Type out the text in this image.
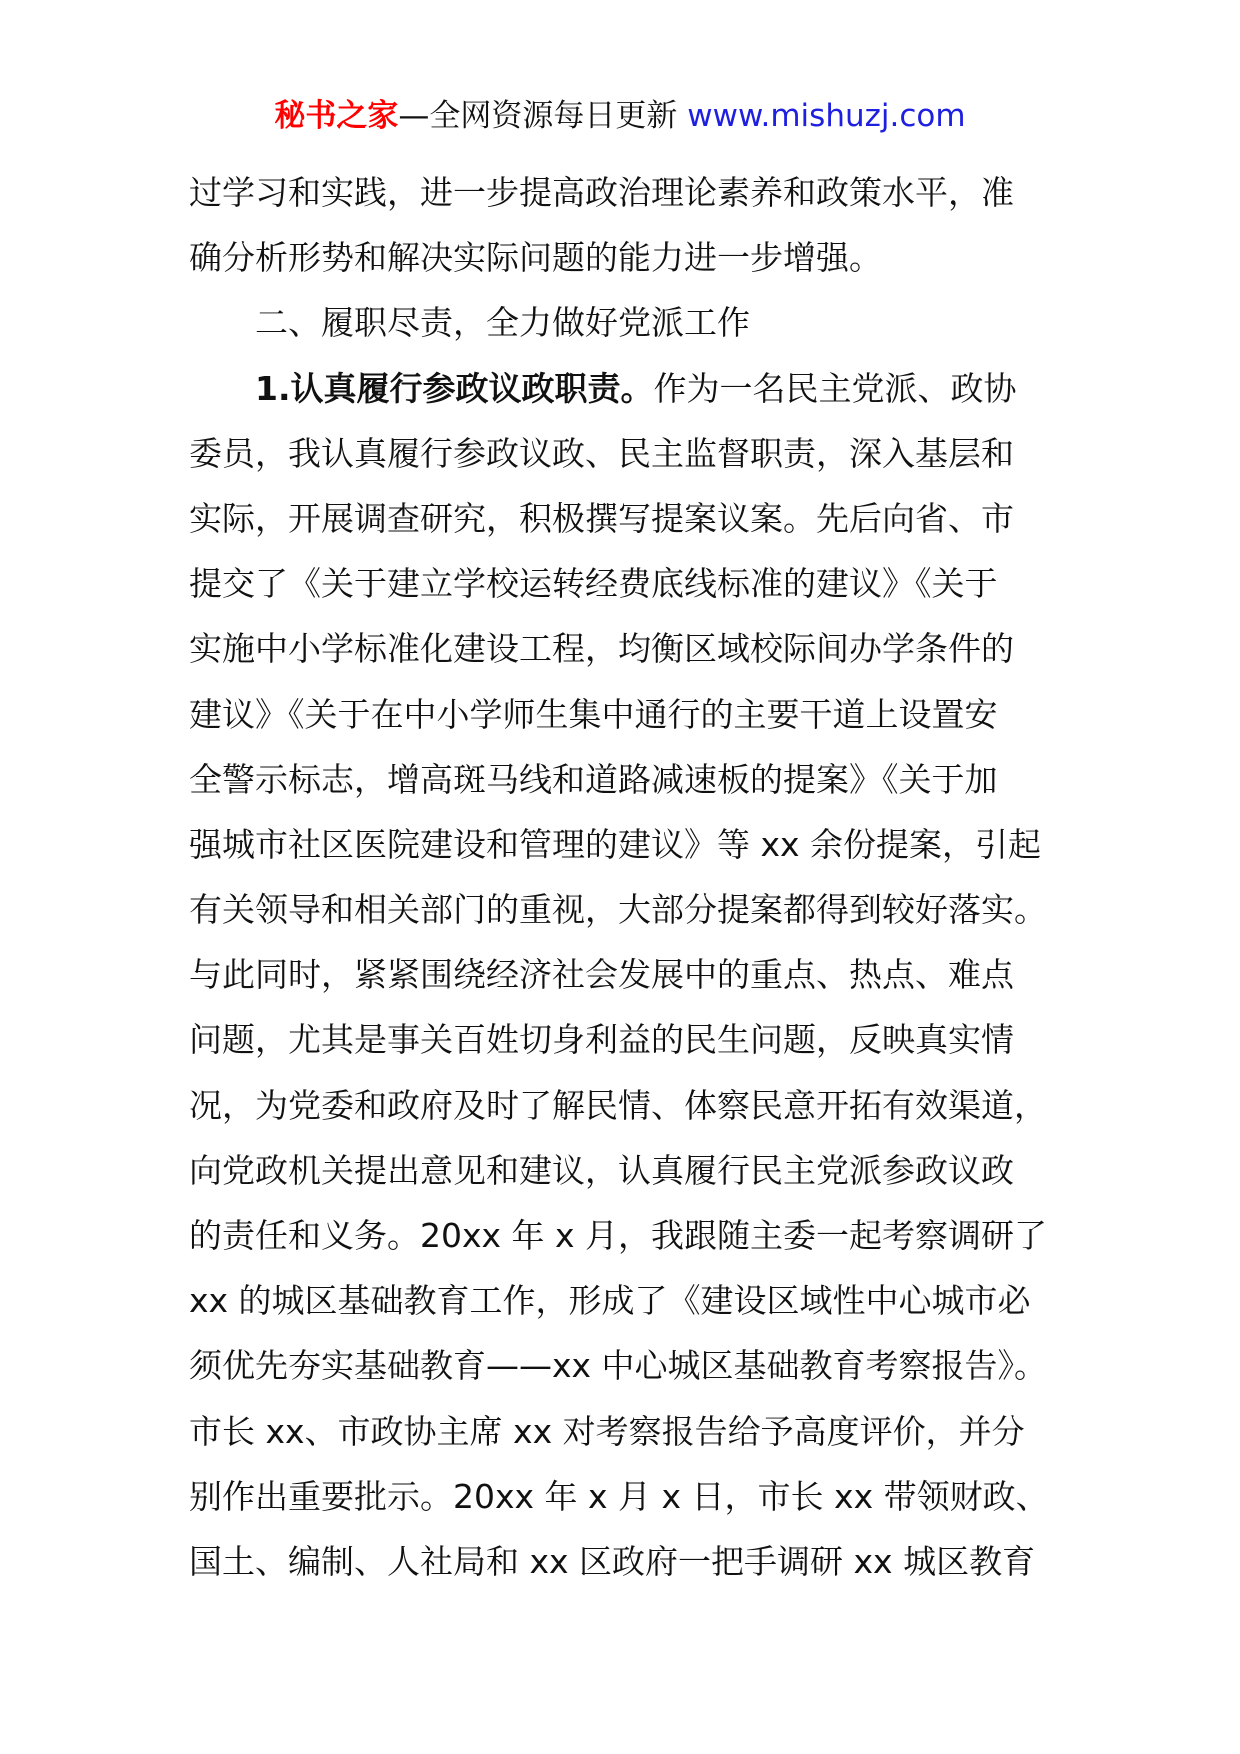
秘书之家—全网资源每日更新 www.mishuzj.com
过学习和实践，进一步提高政治理论素养和政策水平，准
确分析形势和解决实际问题的能力进一步增强。
二、履职尽责，全力做好党派工作
1.认真履行参政议政职责。作为一名民主党派、政协
委员，我认真履行参政议政、民主监督职责，深入基层和
实际，开展调查研究，积极撰写提案议案。先后向省、市
提交了《关于建立学校运转经费底线标准的建议》《关于
实施中小学标准化建设工程，均衡区域校际间办学条件的
建议》《关于在中小学师生集中通行的主要干道上设置安
全警示标志，增高斑马线和道路减速板的提案》《关于加
强城市社区医院建设和管理的建议》等 xx 余份提案，引起
有关领导和相关部门的重视，大部分提案都得到较好落实。
与此同时，紧紧围绕经济社会发展中的重点、热点、难点
问题，尤其是事关百姓切身利益的民生问题，反映真实情
况，为党委和政府及时了解民情、体察民意开拓有效渠道，
向党政机关提出意见和建议，认真履行民主党派参政议政
的责任和义务。20xx 年 x 月，我跟随主委一起考察调研了
xx 的城区基础教育工作，形成了《建设区域性中心城市必
须优先夯实基础教育——xx 中心城区基础教育考察报告》。
市长 xx、市政协主席 xx 对考察报告给予高度评价，并分
别作出重要批示。20xx 年 x 月 x 日，市长 xx 带领财政、
国土、编制、人社局和 xx 区政府一把手调研 xx 城区教育
